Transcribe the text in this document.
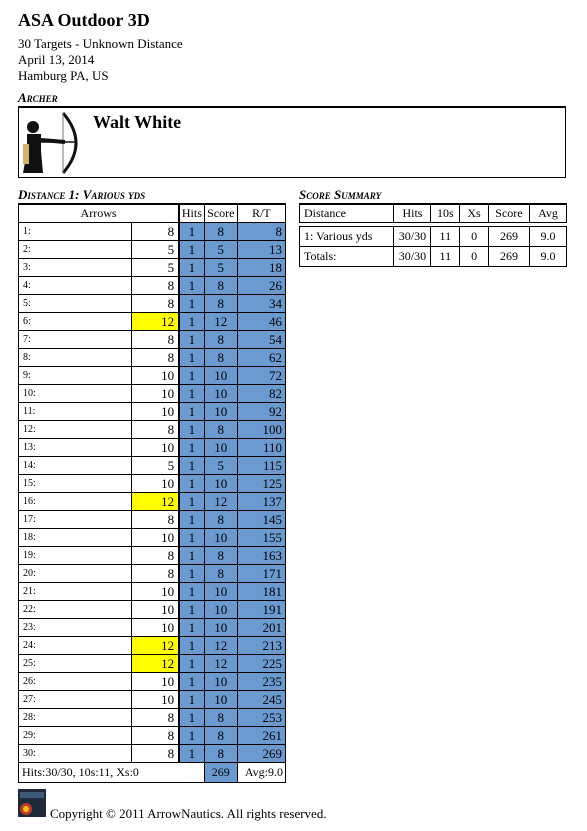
ASA Outdoor 3D
30 Targets - Unknown Distance
April 13, 2014
Hamburg PA, US
Archer
Walt White
Distance 1: Various yds
Arrows		Hits	Score	R/T
1:	8	1	8	8
2:	5	1	5	13
3:	5	1	5	18
4:	8	1	8	26
5:	8	1	8	34
6:	12	1	12	46
7:	8	1	8	54
8:	8	1	8	62
9:	10	1	10	72
10:	10	1	10	82
11:	10	1	10	92
12:	8	1	8	100
13:	10	1	10	110
14:	5	1	5	115
15:	10	1	10	125
16:	12	1	12	137
17:	8	1	8	145
18:	10	1	10	155
19:	8	1	8	163
20:	8	1	8	171
21:	10	1	10	181
22:	10	1	10	191
23:	10	1	10	201
24:	12	1	12	213
25:	12	1	12	225
26:	10	1	10	235
27:	10	1	10	245
28:	8	1	8	253
29:	8	1	8	261
30:	8	1	8	269
Hits:30/30, 10s:11, Xs:0			269	Avg:9.0
Score Summary
Distance	Hits	10s	Xs	Score	Avg

1: Various yds	30/30	11	0	269	9.0
Totals:	30/30	11	0	269	9.0
Copyright © 2011 ArrowNautics. All rights reserved.
